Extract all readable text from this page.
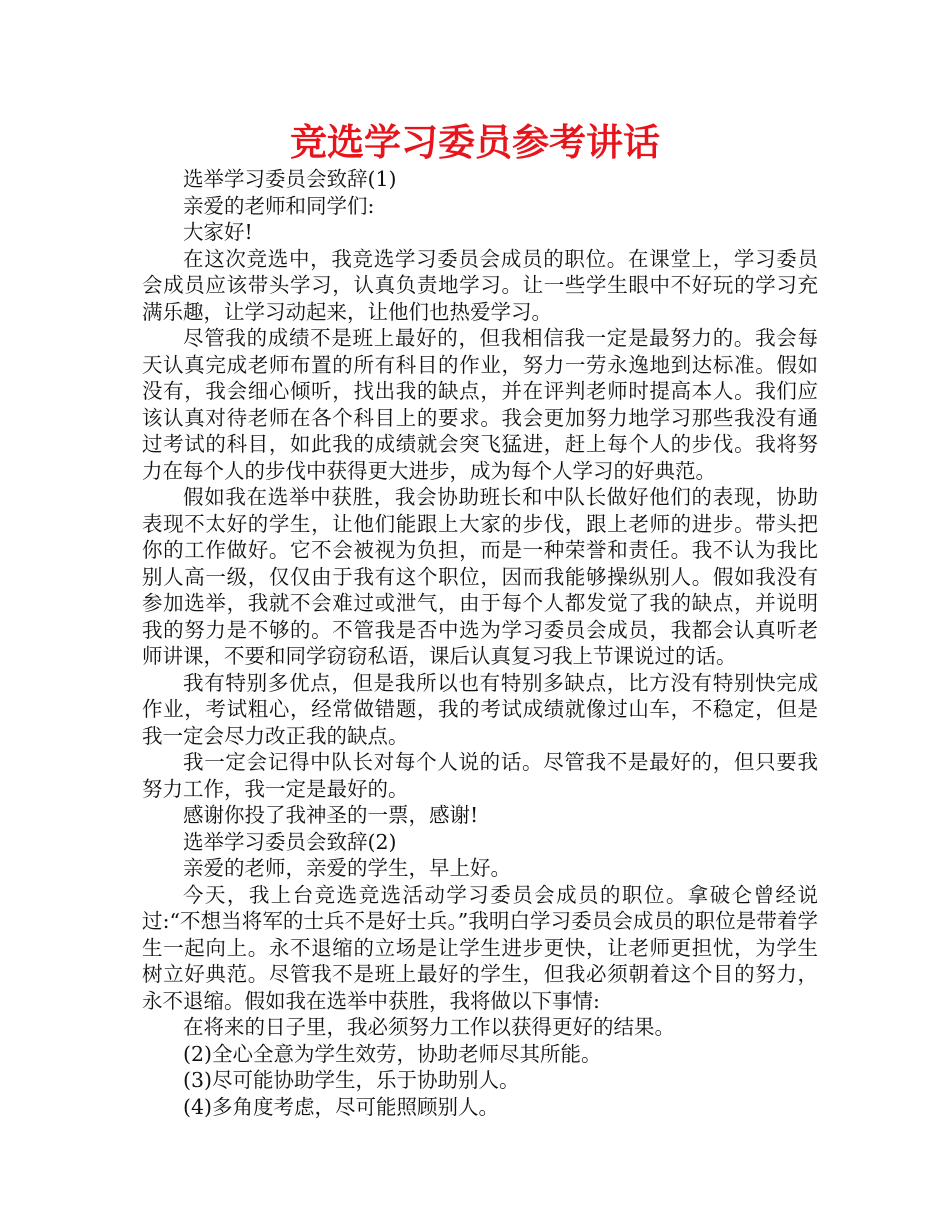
竞选学习委员参考讲话

选举学习委员会致辞(1)

亲爱的老师和同学们:

大家好!

在这次竞选中，我竞选学习委员会成员的职位。在课堂上，学习委员会成员应该带头学习，认真负责地学习。让一些学生眼中不好玩的学习充满乐趣，让学习动起来，让他们也热爱学习。

尽管我的成绩不是班上最好的，但我相信我一定是最努力的。我会每天认真完成老师布置的所有科目的作业，努力一劳永逸地到达标准。假如没有，我会细心倾听，找出我的缺点，并在评判老师时提高本人。我们应该认真对待老师在各个科目上的要求。我会更加努力地学习那些我没有通过考试的科目，如此我的成绩就会突飞猛进，赶上每个人的步伐。我将努力在每个人的步伐中获得更大进步，成为每个人学习的好典范。

假如我在选举中获胜，我会协助班长和中队长做好他们的表现，协助表现不太好的学生，让他们能跟上大家的步伐，跟上老师的进步。带头把你的工作做好。它不会被视为负担，而是一种荣誉和责任。我不认为我比别人高一级，仅仅由于我有这个职位，因而我能够操纵别人。假如我没有参加选举，我就不会难过或泄气，由于每个人都发觉了我的缺点，并说明我的努力是不够的。不管我是否中选为学习委员会成员，我都会认真听老师讲课，不要和同学窃窃私语，课后认真复习我上节课说过的话。

我有特别多优点，但是我所以也有特别多缺点，比方没有特别快完成作业，考试粗心，经常做错题，我的考试成绩就像过山车，不稳定，但是我一定会尽力改正我的缺点。

我一定会记得中队长对每个人说的话。尽管我不是最好的，但只要我努力工作，我一定是最好的。

感谢你投了我神圣的一票，感谢!

选举学习委员会致辞(2)

亲爱的老师，亲爱的学生，早上好。

今天，我上台竞选竞选活动学习委员会成员的职位。拿破仑曾经说过:“不想当将军的士兵不是好士兵。”我明白学习委员会成员的职位是带着学生一起向上。永不退缩的立场是让学生进步更快，让老师更担忧，为学生树立好典范。尽管我不是班上最好的学生，但我必须朝着这个目的努力，永不退缩。假如我在选举中获胜，我将做以下事情:

在将来的日子里，我必须努力工作以获得更好的结果。

(2)全心全意为学生效劳，协助老师尽其所能。

(3)尽可能协助学生，乐于协助别人。

(4)多角度考虑，尽可能照顾别人。
